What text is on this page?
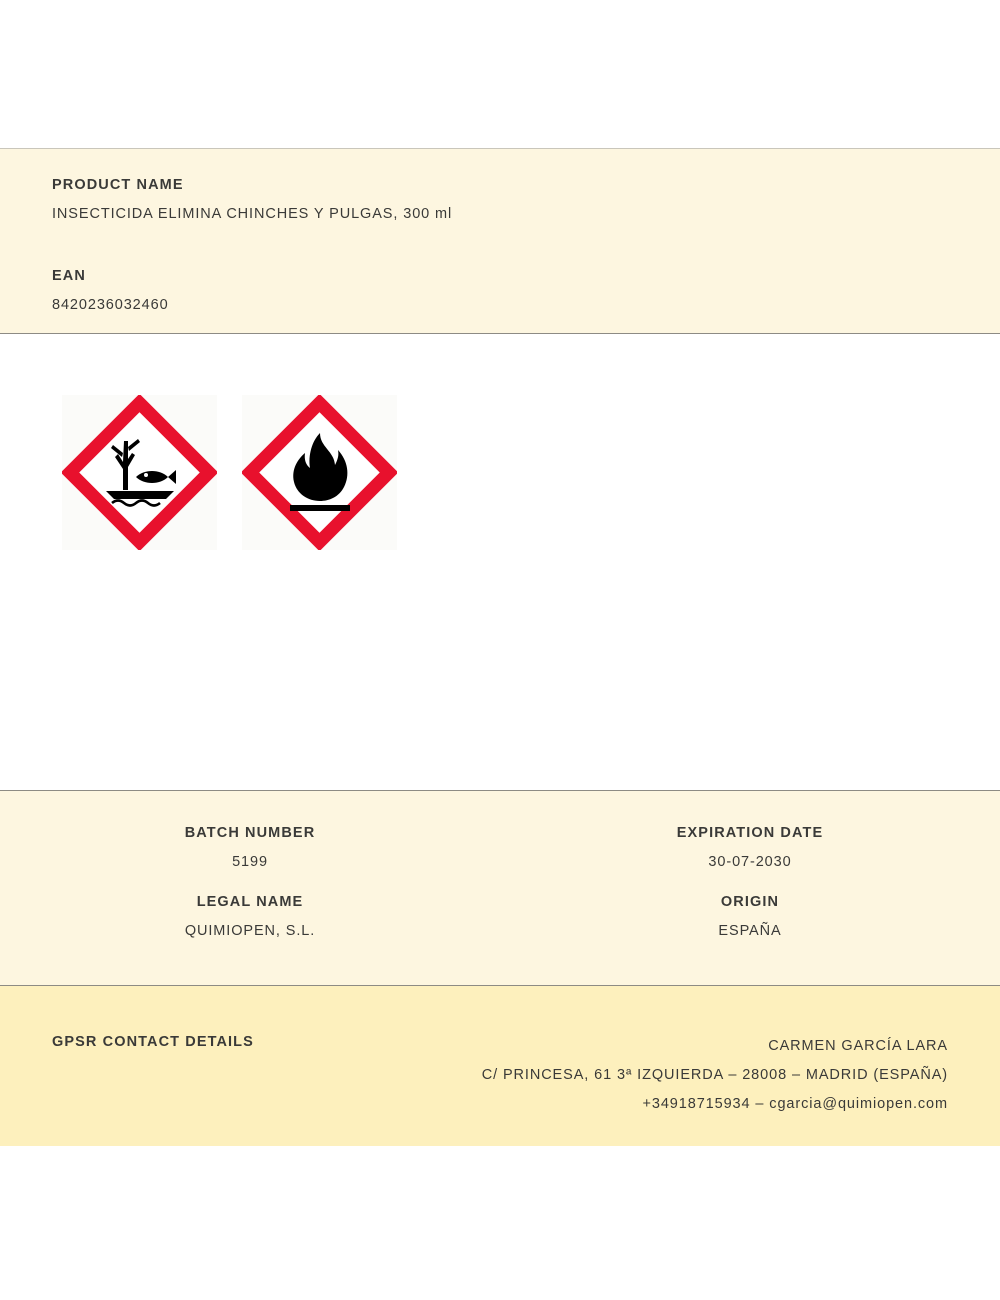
PRODUCT NAME
INSECTICIDA ELIMINA CHINCHES Y PULGAS, 300 ml
EAN
8420236032460
BATCH NUMBER
5199
EXPIRATION DATE
30-07-2030
LEGAL NAME
QUIMIOPEN, S.L.
ORIGIN
ESPAÑA
GPSR CONTACT DETAILS	CARMEN GARCÍA LARA
C/ PRINCESA, 61 3ª IZQUIERDA – 28008 – MADRID (ESPAÑA)
+34918715934 – cgarcia@quimiopen.com
